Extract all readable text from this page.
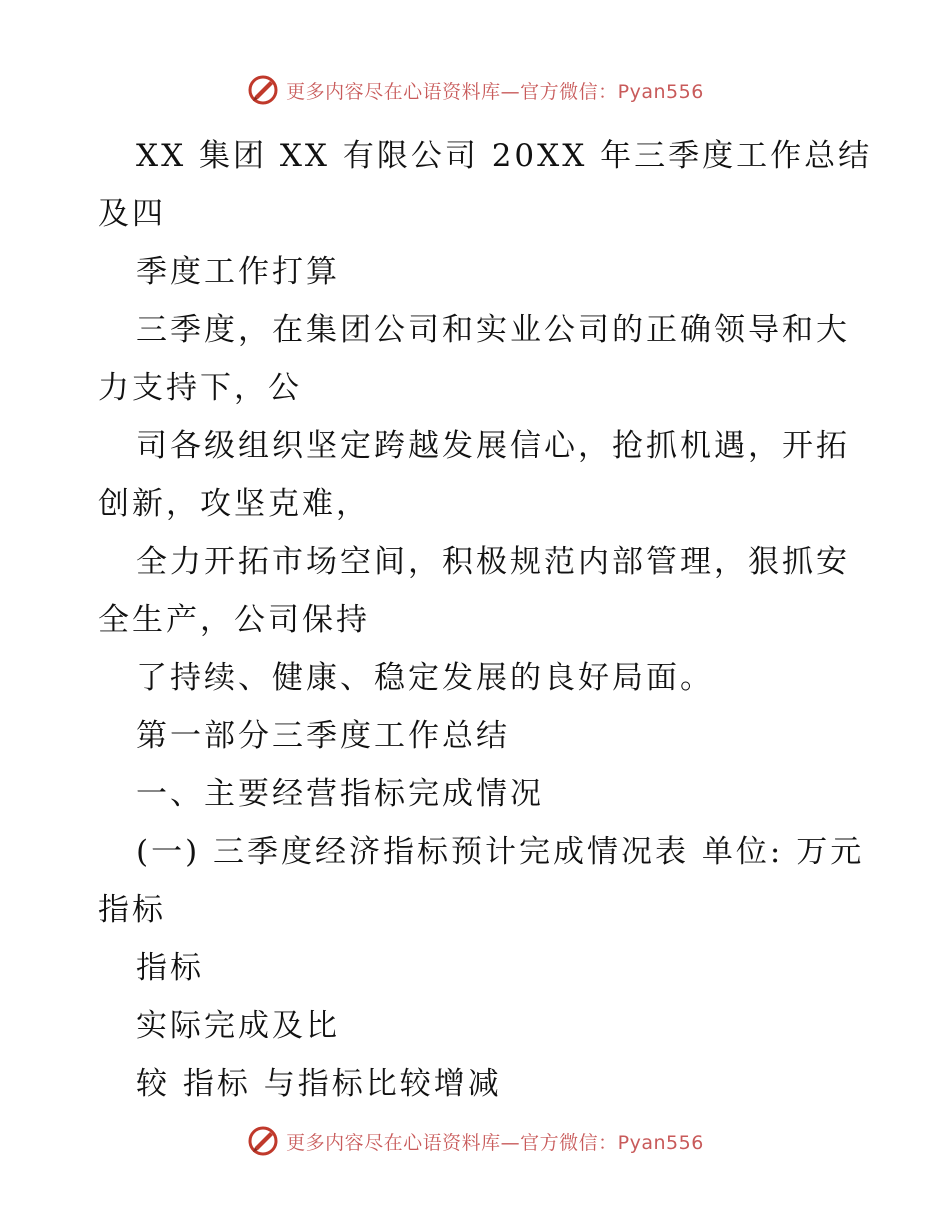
更多内容尽在心语资料库—官方微信：Pyan556
XX 集团 XX 有限公司 20XX 年三季度工作总结
及四
季度工作打算
三季度，在集团公司和实业公司的正确领导和大
力支持下，公
司各级组织坚定跨越发展信心，抢抓机遇，开拓
创新，攻坚克难，
全力开拓市场空间，积极规范内部管理，狠抓安
全生产，公司保持
了持续、健康、稳定发展的良好局面。
第一部分三季度工作总结
一、主要经营指标完成情况
(一) 三季度经济指标预计完成情况表 单位: 万元
指标
指标
实际完成及比
较 指标 与指标比较增减
更多内容尽在心语资料库—官方微信：Pyan556
